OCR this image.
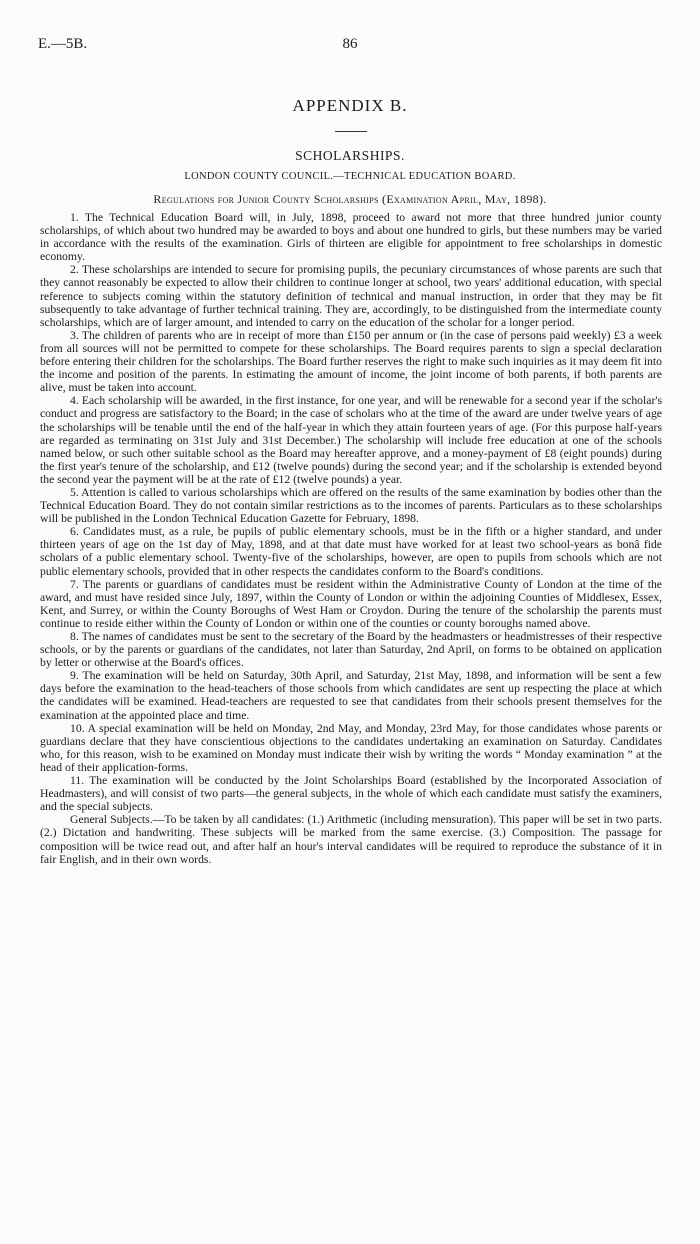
E.—5B.	86
APPENDIX B.
SCHOLARSHIPS.
LONDON COUNTY COUNCIL.—TECHNICAL EDUCATION BOARD.
Regulations for Junior County Scholarships (Examination April, May, 1898).

1. The Technical Education Board will, in July, 1898, proceed to award not more that three hundred junior county scholarships, of which about two hundred may be awarded to boys and about one hundred to girls, but these numbers may be varied in accordance with the results of the examination. Girls of thirteen are eligible for appointment to free scholarships in domestic economy.

2. These scholarships are intended to secure for promising pupils, the pecuniary circumstances of whose parents are such that they cannot reasonably be expected to allow their children to continue longer at school, two years' additional education, with special reference to subjects coming within the statutory definition of technical and manual instruction, in order that they may be fit subsequently to take advantage of further technical training. They are, accordingly, to be distinguished from the intermediate county scholarships, which are of larger amount, and intended to carry on the education of the scholar for a longer period.

3. The children of parents who are in receipt of more than £150 per annum or (in the case of persons paid weekly) £3 a week from all sources will not be permitted to compete for these scholarships. The Board requires parents to sign a special declaration before entering their children for the scholarships. The Board further reserves the right to make such inquiries as it may deem fit into the income and position of the parents. In estimating the amount of income, the joint income of both parents, if both parents are alive, must be taken into account.

4. Each scholarship will be awarded, in the first instance, for one year, and will be renewable for a second year if the scholar's conduct and progress are satisfactory to the Board; in the case of scholars who at the time of the award are under twelve years of age the scholarships will be tenable until the end of the half-year in which they attain fourteen years of age. (For this purpose half-years are regarded as terminating on 31st July and 31st December.) The scholarship will include free education at one of the schools named below, or such other suitable school as the Board may hereafter approve, and a money-payment of £8 (eight pounds) during the first year's tenure of the scholarship, and £12 (twelve pounds) during the second year; and if the scholarship is extended beyond the second year the payment will be at the rate of £12 (twelve pounds) a year.

5. Attention is called to various scholarships which are offered on the results of the same examination by bodies other than the Technical Education Board. They do not contain similar restrictions as to the incomes of parents. Particulars as to these scholarships will be published in the London Technical Education Gazette for February, 1898.

6. Candidates must, as a rule, be pupils of public elementary schools, must be in the fifth or a higher standard, and under thirteen years of age on the 1st day of May, 1898, and at that date must have worked for at least two school-years as bonâ fide scholars of a public elementary school. Twenty-five of the scholarships, however, are open to pupils from schools which are not public elementary schools, provided that in other respects the candidates conform to the Board's conditions.

7. The parents or guardians of candidates must be resident within the Administrative County of London at the time of the award, and must have resided since July, 1897, within the County of London or within the adjoining Counties of Middlesex, Essex, Kent, and Surrey, or within the County Boroughs of West Ham or Croydon. During the tenure of the scholarship the parents must continue to reside either within the County of London or within one of the counties or county boroughs named above.

8. The names of candidates must be sent to the secretary of the Board by the headmasters or headmistresses of their respective schools, or by the parents or guardians of the candidates, not later than Saturday, 2nd April, on forms to be obtained on application by letter or otherwise at the Board's offices.

9. The examination will be held on Saturday, 30th April, and Saturday, 21st May, 1898, and information will be sent a few days before the examination to the head-teachers of those schools from which candidates are sent up respecting the place at which the candidates will be examined. Head-teachers are requested to see that candidates from their schools present themselves for the examination at the appointed place and time.

10. A special examination will be held on Monday, 2nd May, and Monday, 23rd May, for those candidates whose parents or guardians declare that they have conscientious objections to the candidates undertaking an examination on Saturday. Candidates who, for this reason, wish to be examined on Monday must indicate their wish by writing the words “ Monday examination ” at the head of their application-forms.

11. The examination will be conducted by the Joint Scholarships Board (established by the Incorporated Association of Headmasters), and will consist of two parts—the general subjects, in the whole of which each candidate must satisfy the examiners, and the special subjects.

General Subjects.—To be taken by all candidates: (1.) Arithmetic (including mensuration). This paper will be set in two parts. (2.) Dictation and handwriting. These subjects will be marked from the same exercise. (3.) Composition. The passage for composition will be twice read out, and after half an hour's interval candidates will be required to reproduce the substance of it in fair English, and in their own words.
